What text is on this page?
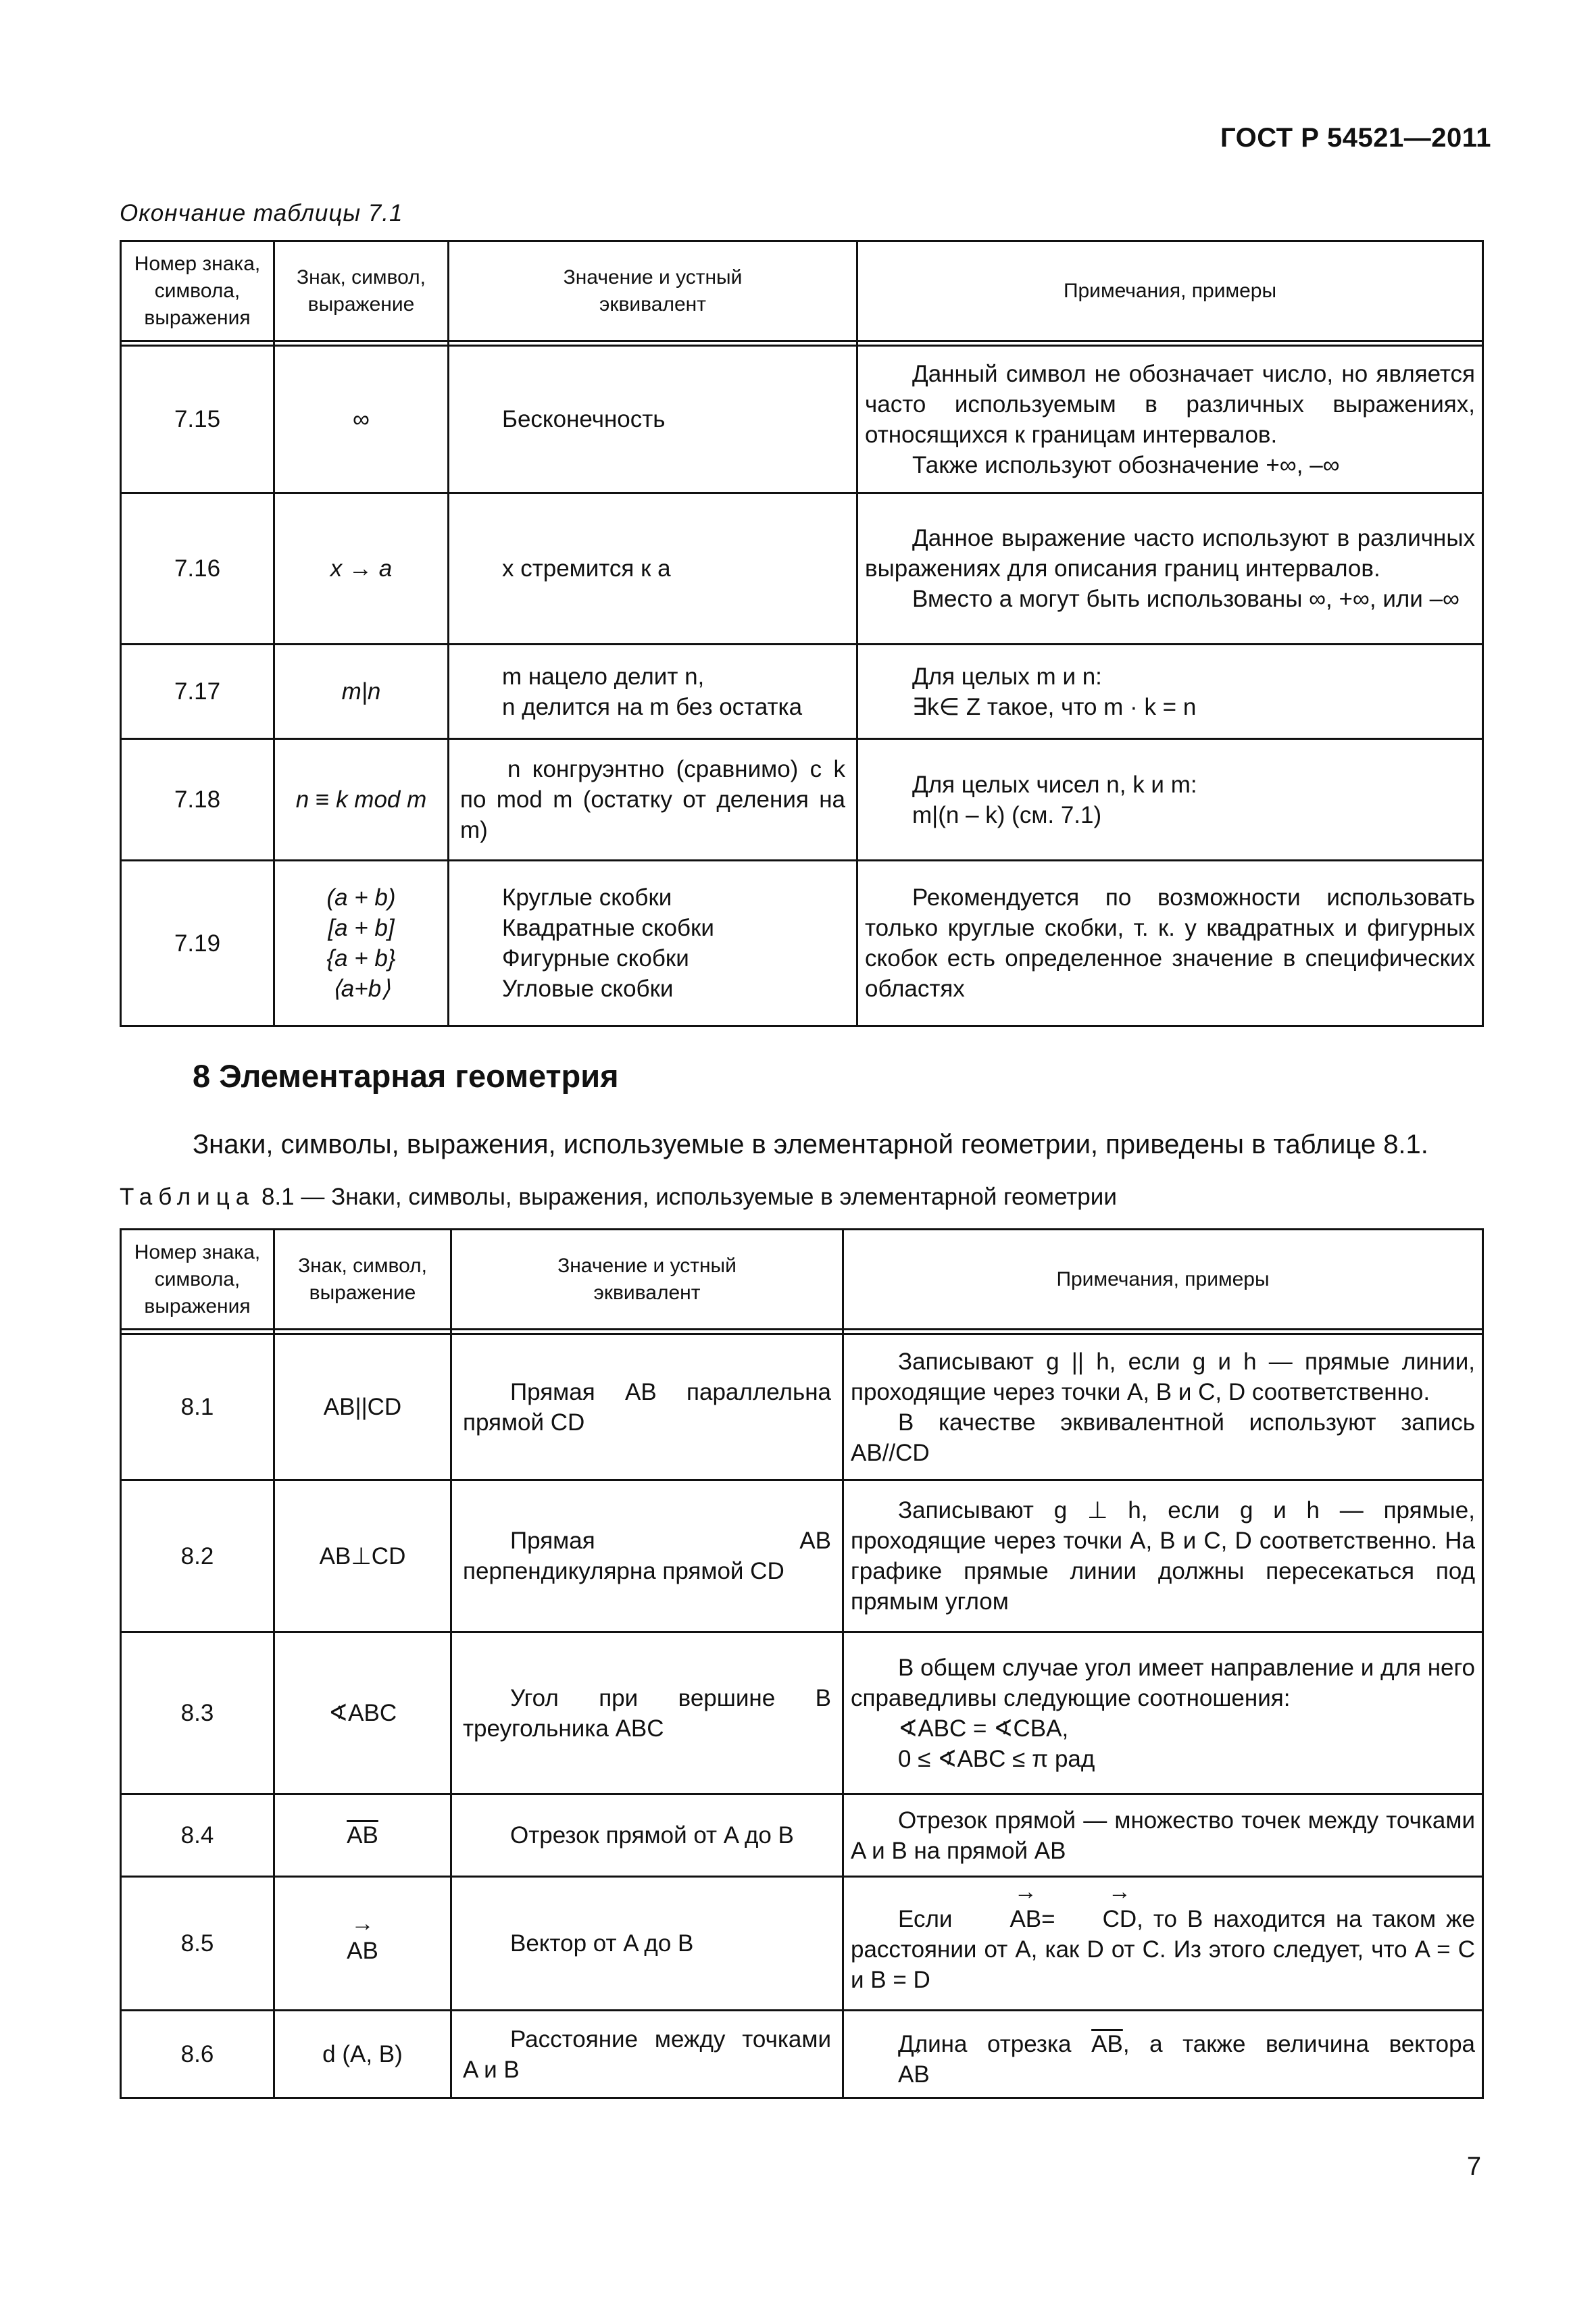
ГОСТ Р 54521—2011
Окончание таблицы 7.1
Номер знака, символа, выражения	Знак, символ, выражение	Значение и устный эквивалент	Примечания, примеры

7.15	∞	Бесконечность	Данный символ не обозначает число, но является часто используемым в различных выражениях, относящихся к границам интервалов.
Также используют обозначение +∞, –∞

7.16	x → a	x стремится к a	Данное выражение часто используют в различных выражениях для описания границ интервалов.
Вместо a могут быть использованы ∞, +∞, или –∞

7.17	m|n	m нацело делит n,
n делится на m без остатка	Для целых m и n:
∃k∈ Z такое, что m · k = n

7.18	n ≡ k mod m	n конгруэнтно (сравнимо) с k по mod m (остатку от деления на m)	Для целых чисел n, k и m:
m|(n – k) (см. 7.1)

7.19	(a + b)
[a + b]
{a + b}
⟨a+b⟩	Круглые скобки
Квадратные скобки
Фигурные скобки
Угловые скобки	Рекомендуется по возможности использовать только круглые скобки, т. к. у квадратных и фигурных скобок есть определенное значение в специфических областях
8 Элементарная геометрия
Знаки, символы, выражения, используемые в элементарной геометрии, приведены в таблице 8.1.
Таблица 8.1 — Знаки, символы, выражения, используемые в элементарной геометрии
Номер знака, символа, выражения	Знак, символ, выражение	Значение и устный эквивалент	Примечания, примеры

8.1	AB||CD	Прямая AB параллельна прямой CD	Записывают g || h, если g и h — прямые линии, проходящие через точки A, B и C, D соответственно.
В качестве эквивалентной используют запись AB//CD

8.2	AB⊥CD	Прямая AB перпендикулярна прямой CD	Записывают g ⊥ h, если g и h — прямые, проходящие через точки A, B и C, D соответственно. На графике прямые линии должны пересекаться под прямым углом

8.3	∢ABC	Угол при вершине B треугольника ABC	В общем случае угол имеет направление и для него справедливы следующие соотношения:
∢ABC = ∢CBA,
0 ≤ ∢ABC ≤ π рад

8.4	$\overline{AB}$	Отрезок прямой от A до B	Отрезок прямой — множество точек между точками A и B на прямой AB

8.5	→ AB	Вектор от A до B	Если → AB= → CD, то B находится на таком же расстоянии от A, как D от C. Из этого следует, что A = C и B = D

8.6	d (A, B)	Расстояние между точками A и B	Длина отрезка $\overline{AB}$, а также величина вектора → AB
7
